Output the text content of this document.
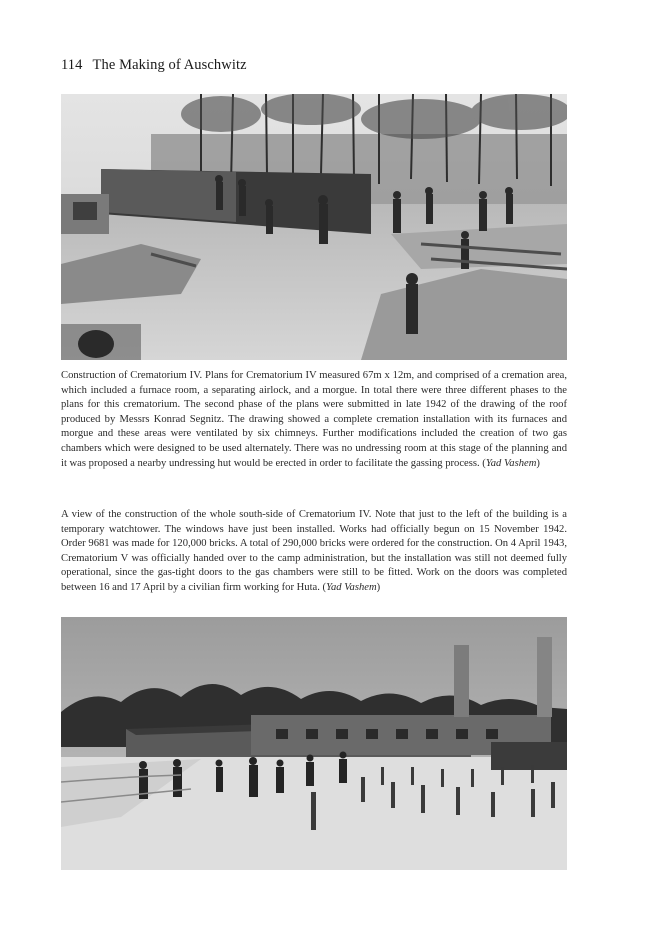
114 The Making of Auschwitz

Construction of Crematorium IV. Plans for Crematorium IV measured 67m x 12m, and comprised of a cremation area, which included a furnace room, a separating airlock, and a morgue. In total there were three different phases to the plans for this crematorium. The second phase of the plans were submitted in late 1942 of the drawing of the roof produced by Messrs Konrad Segnitz. The drawing showed a complete cremation installation with its furnaces and morgue and these areas were ventilated by six chimneys. Further modifications included the creation of two gas chambers which were designed to be used alternately. There was no undressing room at this stage of the planning and it was proposed a nearby undressing hut would be erected in order to facilitate the gassing process. (Yad Vashem)

A view of the construction of the whole south-side of Crematorium IV. Note that just to the left of the building is a temporary watchtower. The windows have just been installed. Works had officially begun on 15 November 1942. Order 9681 was made for 120,000 bricks. A total of 290,000 bricks were ordered for the construction. On 4 April 1943, Crematorium V was officially handed over to the camp administration, but the installation was still not deemed fully operational, since the gas-tight doors to the gas chambers were still to be fitted. Work on the doors was completed between 16 and 17 April by a civilian firm working for Huta. (Yad Vashem)
